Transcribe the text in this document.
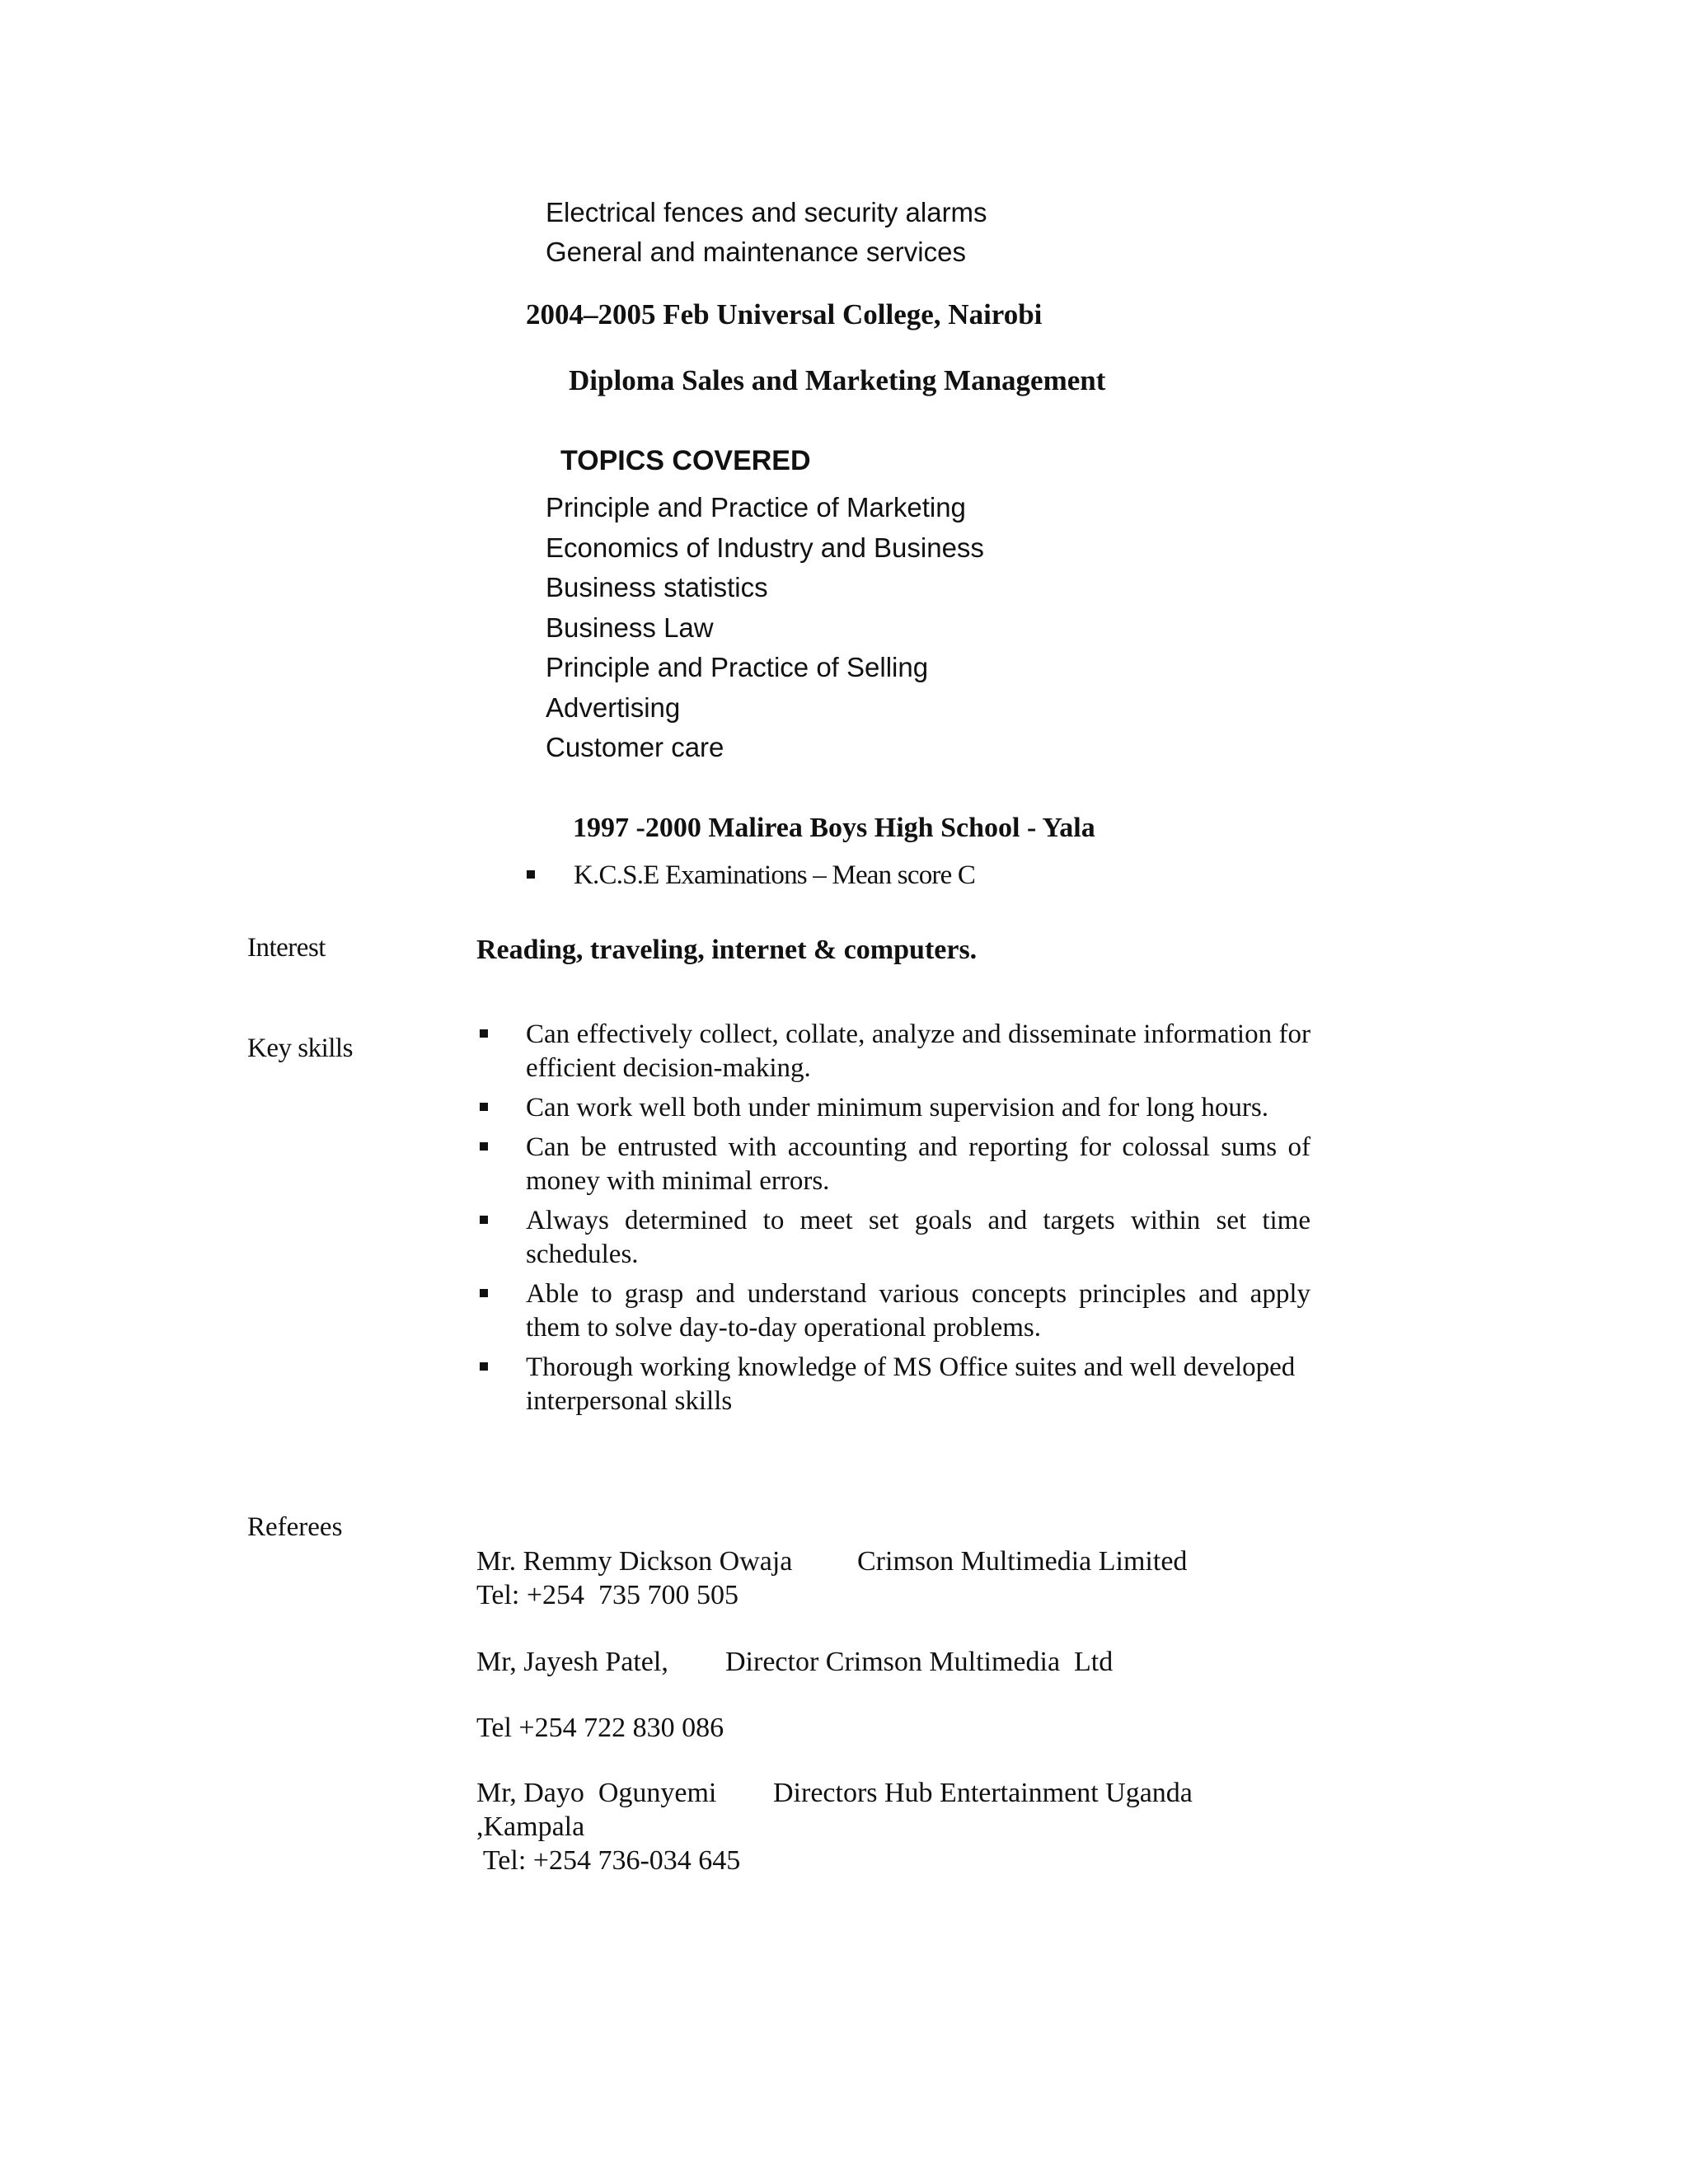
Electrical fences and security alarms
General and maintenance services
2004–2005 Feb Universal College, Nairobi
Diploma Sales and Marketing Management
TOPICS COVERED
Principle and Practice of Marketing
Economics of Industry and Business
Business statistics
Business Law
Principle and Practice of Selling
Advertising
Customer care
1997 -2000 Malirea Boys High School - Yala
K.C.S.E Examinations – Mean score C
Interest	Reading, traveling, internet & computers.
Key skills	Can effectively collect, collate, analyze and disseminate information for efficient decision-making.
Can work well both under minimum supervision and for long hours.
Can be entrusted with accounting and reporting for colossal sums of money with minimal errors.
Always determined to meet set goals and targets within set time schedules.
Able to grasp and understand various concepts principles and apply them to solve day-to-day operational problems.
Thorough working knowledge of MS Office suites and well developed interpersonal skills
Referees
Mr. Remmy Dickson Owaja Crimson Multimedia Limited
Tel: +254  735 700 505
Mr, Jayesh Patel, Director Crimson Multimedia  Ltd
Tel +254 722 830 086
Mr, Dayo  Ogunyemi Directors Hub Entertainment Uganda
,Kampala
Tel: +254 736-034 645
